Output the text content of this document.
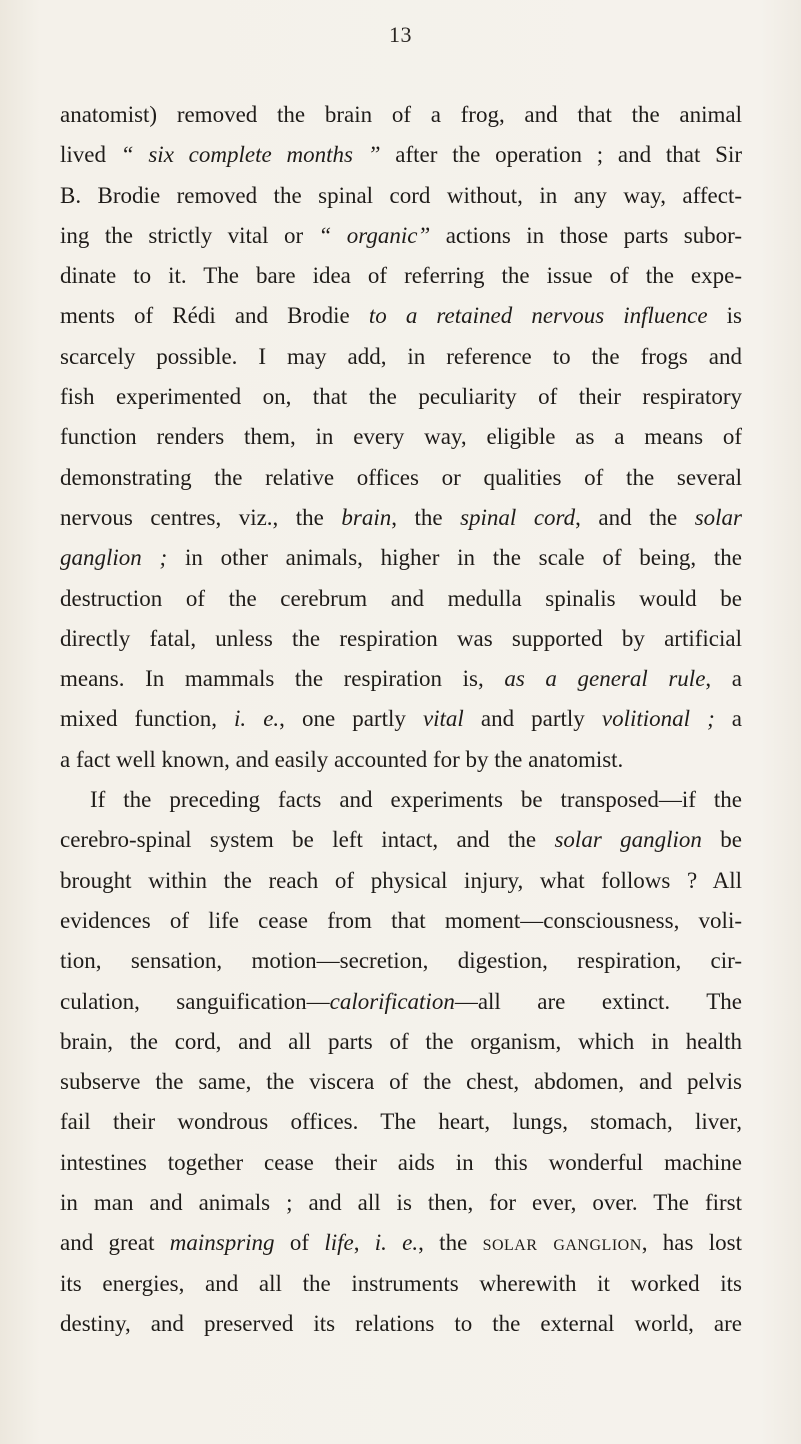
13
anatomist) removed the brain of a frog, and that the animal
lived “ six complete months ” after the operation ; and that Sir
B. Brodie removed the spinal cord without, in any way, affect-
ing the strictly vital or “ organic” actions in those parts subor-
dinate to it. The bare idea of referring the issue of the expe-
ments of Rédi and Brodie to a retained nervous influence is
scarcely possible. I may add, in reference to the frogs and
fish experimented on, that the peculiarity of their respiratory
function renders them, in every way, eligible as a means of
demonstrating the relative offices or qualities of the several
nervous centres, viz., the brain, the spinal cord, and the solar
ganglion ; in other animals, higher in the scale of being, the
destruction of the cerebrum and medulla spinalis would be
directly fatal, unless the respiration was supported by artificial
means. In mammals the respiration is, as a general rule, a
mixed function, i. e., one partly vital and partly volitional ; a
a fact well known, and easily accounted for by the anatomist.
If the preceding facts and experiments be transposed—if the
cerebro-spinal system be left intact, and the solar ganglion be
brought within the reach of physical injury, what follows ? All
evidences of life cease from that moment—consciousness, voli-
tion, sensation, motion—secretion, digestion, respiration, cir-
culation, sanguification—calorification—all are extinct. The
brain, the cord, and all parts of the organism, which in health
subserve the same, the viscera of the chest, abdomen, and pelvis
fail their wondrous offices. The heart, lungs, stomach, liver,
intestines together cease their aids in this wonderful machine
in man and animals ; and all is then, for ever, over. The first
and great mainspring of life, i. e., the solar ganglion, has lost
its energies, and all the instruments wherewith it worked its
destiny, and preserved its relations to the external world, are
